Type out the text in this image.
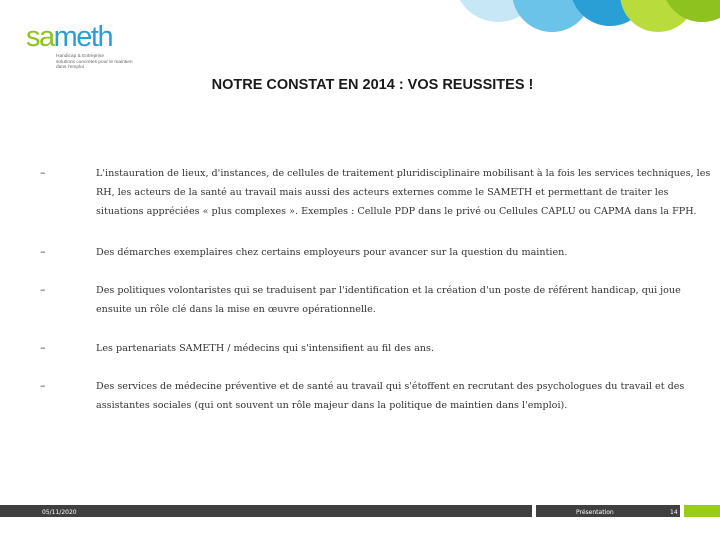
sameth
Handicap & Entreprise
solutions concrètes pour le maintien
dans l'emploi
NOTRE CONSTAT EN 2014 : VOS REUSSITES !
–	L'instauration de lieux, d'instances, de cellules de traitement pluridisciplinaire mobilisant à la fois les services techniques, les
RH, les acteurs de la santé au travail mais aussi des acteurs externes comme le SAMETH et permettant de traiter les
situations appréciées « plus complexes ». Exemples : Cellule PDP dans le privé ou Cellules CAPLU ou CAPMA dans la FPH.
–	Des démarches exemplaires chez certains employeurs pour avancer sur la question du maintien.
–	Des politiques volontaristes qui se traduisent par l'identification et la création d'un poste de référent handicap, qui joue
ensuite un rôle clé dans la mise en œuvre opérationnelle.
–	Les partenariats SAMETH / médecins qui s'intensifient au fil des ans.
–	Des services de médecine préventive et de santé au travail qui s'étoffent en recrutant des psychologues du travail et des
assistantes sociales (qui ont souvent un rôle majeur dans la politique de maintien dans l'emploi).
05/11/2020	Présentation	14
